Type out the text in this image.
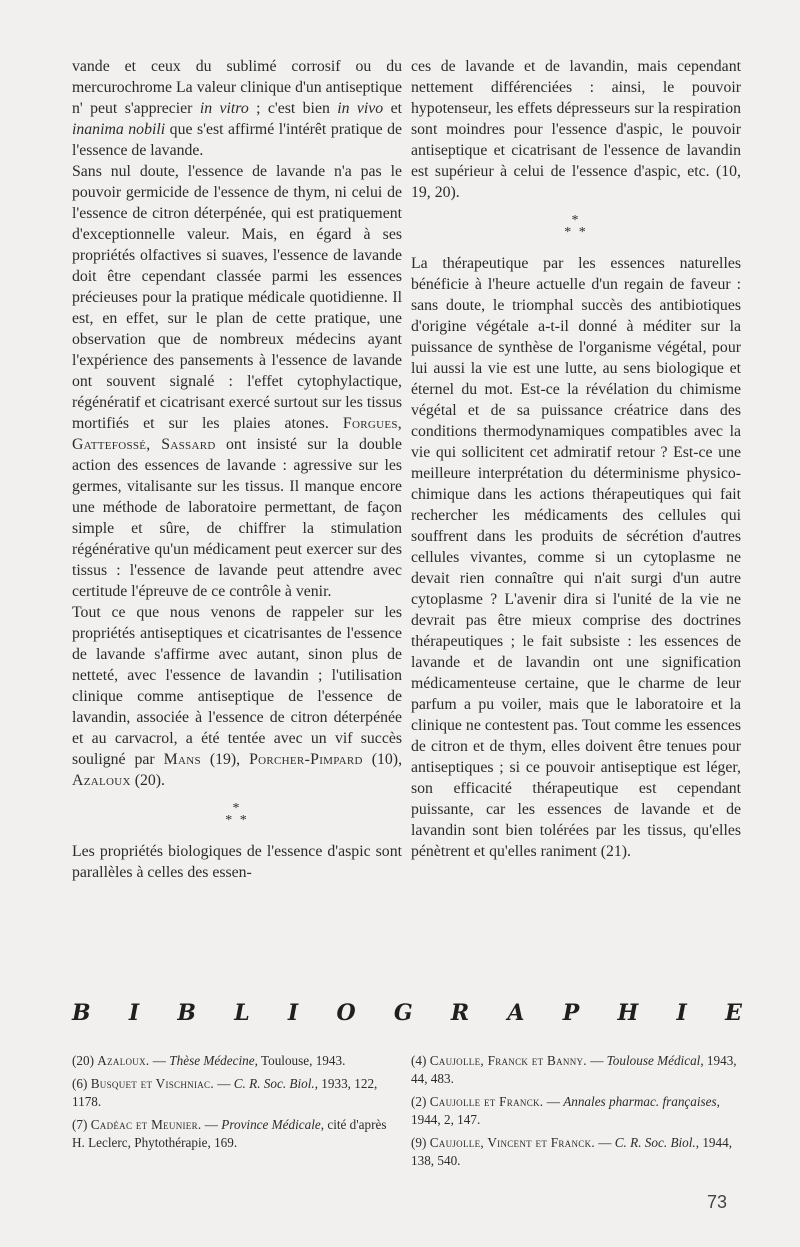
vande et ceux du sublimé corrosif ou du mercurochrome La valeur clinique d'un antiseptique n' peut s'apprecier in vitro ; c'est bien in vivo et inanima nobili que s'est affirmé l'intérêt pratique de l'essence de lavande.

Sans nul doute, l'essence de lavande n'a pas le pouvoir germicide de l'essence de thym, ni celui de l'essence de citron déterpénée, qui est pratiquement d'exceptionnelle valeur. Mais, en égard à ses propriétés olfactives si suaves, l'essence de lavande doit être cependant classée parmi les essences précieuses pour la pratique médicale quotidienne. Il est, en effet, sur le plan de cette pratique, une observation que de nombreux médecins ayant l'expérience des pansements à l'essence de lavande ont souvent signalé : l'effet cytophylactique, régénératif et cicatrisant exercé surtout sur les tissus mortifiés et sur les plaies atones. Forgues, Gattefossé, Sassard ont insisté sur la double action des essences de lavande : agressive sur les germes, vitalisante sur les tissus. Il manque encore une méthode de laboratoire permettant, de façon simple et sûre, de chiffrer la stimulation régénérative qu'un médicament peut exercer sur des tissus : l'essence de lavande peut attendre avec certitude l'épreuve de ce contrôle à venir.

Tout ce que nous venons de rappeler sur les propriétés antiseptiques et cicatrisantes de l'essence de lavande s'affirme avec autant, sinon plus de netteté, avec l'essence de lavandin ; l'utilisation clinique comme antiseptique de l'essence de lavandin, associée à l'essence de citron déterpénée et au carvacrol, a été tentée avec un vif succès souligné par Mans (19), Porcher-Pimpard (10), Azaloux (20).

*
* *

Les propriétés biologiques de l'essence d'aspic sont parallèles à celles des essen-

ces de lavande et de lavandin, mais cependant nettement différenciées : ainsi, le pouvoir hypotenseur, les effets dépresseurs sur la respiration sont moindres pour l'essence d'aspic, le pouvoir antiseptique et cicatrisant de l'essence de lavandin est supérieur à celui de l'essence d'aspic, etc. (10, 19, 20).

*
* *

La thérapeutique par les essences naturelles bénéficie à l'heure actuelle d'un regain de faveur : sans doute, le triomphal succès des antibiotiques d'origine végétale a-t-il donné à méditer sur la puissance de synthèse de l'organisme végétal, pour lui aussi la vie est une lutte, au sens biologique et éternel du mot. Est-ce la révélation du chimisme végétal et de sa puissance créatrice dans des conditions thermodynamiques compatibles avec la vie qui sollicitent cet admiratif retour ? Est-ce une meilleure interprétation du déterminisme physico-chimique dans les actions thérapeutiques qui fait rechercher les médicaments des cellules qui souffrent dans les produits de sécrétion d'autres cellules vivantes, comme si un cytoplasme ne devait rien connaître qui n'ait surgi d'un autre cytoplasme ? L'avenir dira si l'unité de la vie ne devrait pas être mieux comprise des doctrines thérapeutiques ; le fait subsiste : les essences de lavande et de lavandin ont une signification médicamenteuse certaine, que le charme de leur parfum a pu voiler, mais que le laboratoire et la clinique ne contestent pas. Tout comme les essences de citron et de thym, elles doivent être tenues pour antiseptiques ; si ce pouvoir antiseptique est léger, son efficacité thérapeutique est cependant puissante, car les essences de lavande et de lavandin sont bien tolérées par les tissus, qu'elles pénètrent et qu'elles raniment (21).

B I B L I O G R A P H I E

(20) Azaloux. — Thèse Médecine, Toulouse, 1943.

(6) Busquet et Vischniac. — C. R. Soc. Biol., 1933, 122, 1178.

(7) Cadéac et Meunier. — Province Médicale, cité d'après H. Leclerc, Phytothérapie, 169.

(4) Caujolle, Franck et Banny. — Toulouse Médical, 1943, 44, 483.

(2) Caujolle et Franck. — Annales pharmac. françaises, 1944, 2, 147.

(9) Caujolle, Vincent et Franck. — C. R. Soc. Biol., 1944, 138, 540.

73
